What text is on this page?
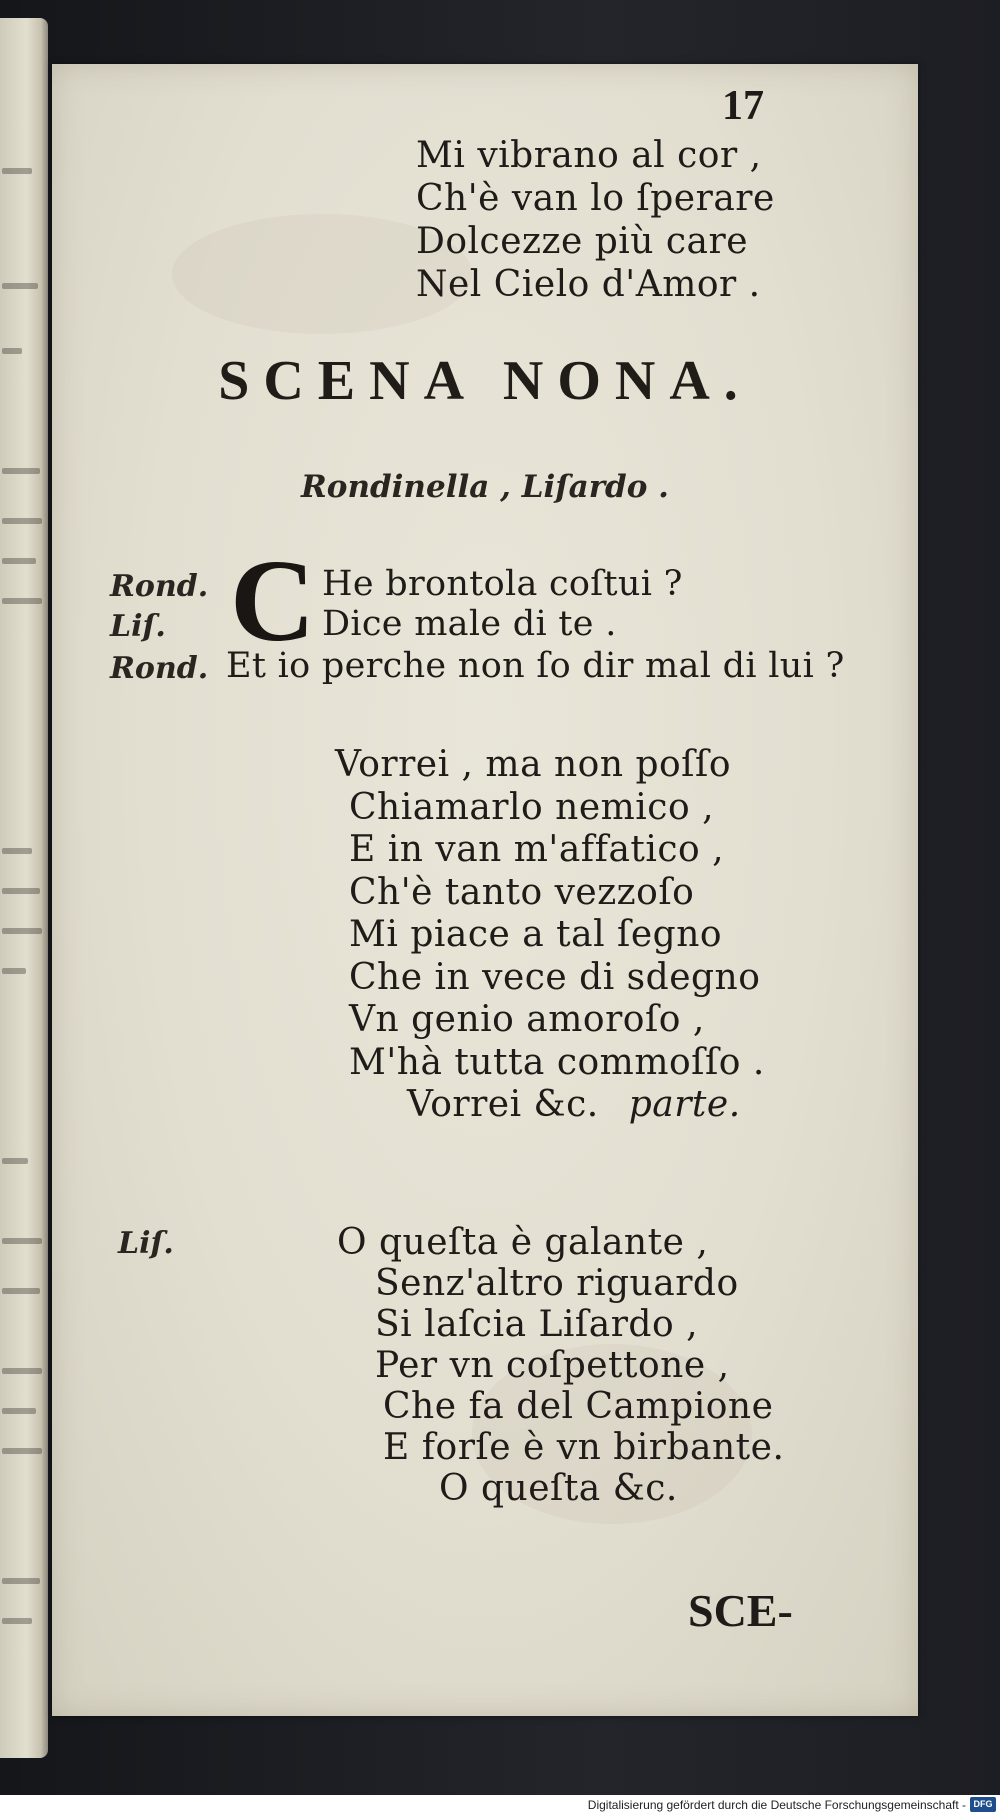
17
Mi vibrano al cor ,
Ch'è van lo ſperare
Dolcezze più care
Nel Cielo d'Amor .
SCENA NONA.
Rondinella , Liſardo .
C
Rond.	He brontola coſtui ?
Liſ.	Dice male di te .
Rond. Et io perche non ſo dir mal di lui ?
Vorrei , ma non poſſo
Chiamarlo nemico ,
E in van m'affatico ,
Ch'è tanto vezzoſo
Mi piace a tal ſegno
Che in vece di sdegno
Vn genio amoroſo ,
M'hà tutta commoſſo .
Vorrei &c. parte.
Liſ.	O queſta è galante ,
Senz'altro riguardo
Si laſcia Liſardo ,
Per vn coſpettone ,
Che fa del Campione
E forſe è vn birbante.
O queſta &c.
SCE-
Digitalisierung gefördert durch die Deutsche Forschungsgemeinschaft - DFG
